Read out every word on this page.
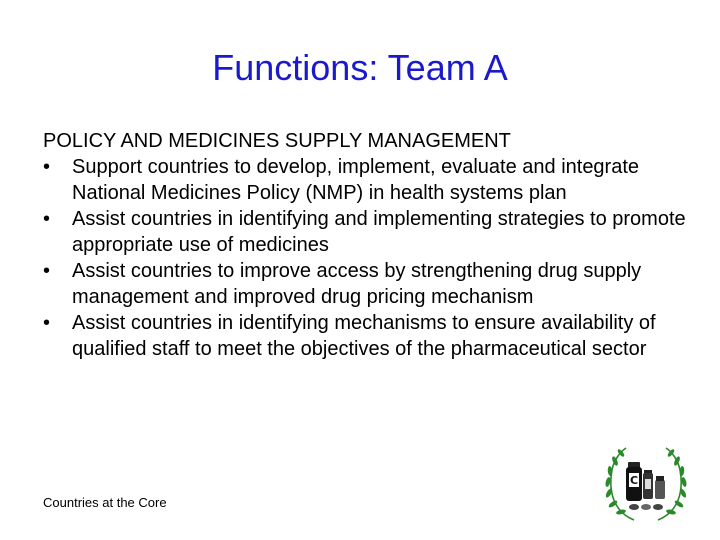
Functions: Team A
POLICY AND MEDICINES SUPPLY MANAGEMENT
•	Support countries to develop, implement, evaluate and integrate National Medicines Policy (NMP) in health systems plan
•	Assist countries in identifying and implementing strategies to promote appropriate use of medicines
•	Assist countries to improve access by strengthening drug supply management and improved drug pricing mechanism
•	Assist countries in identifying mechanisms to ensure availability of qualified staff to meet the objectives of the pharmaceutical sector
Countries at the Core
C
